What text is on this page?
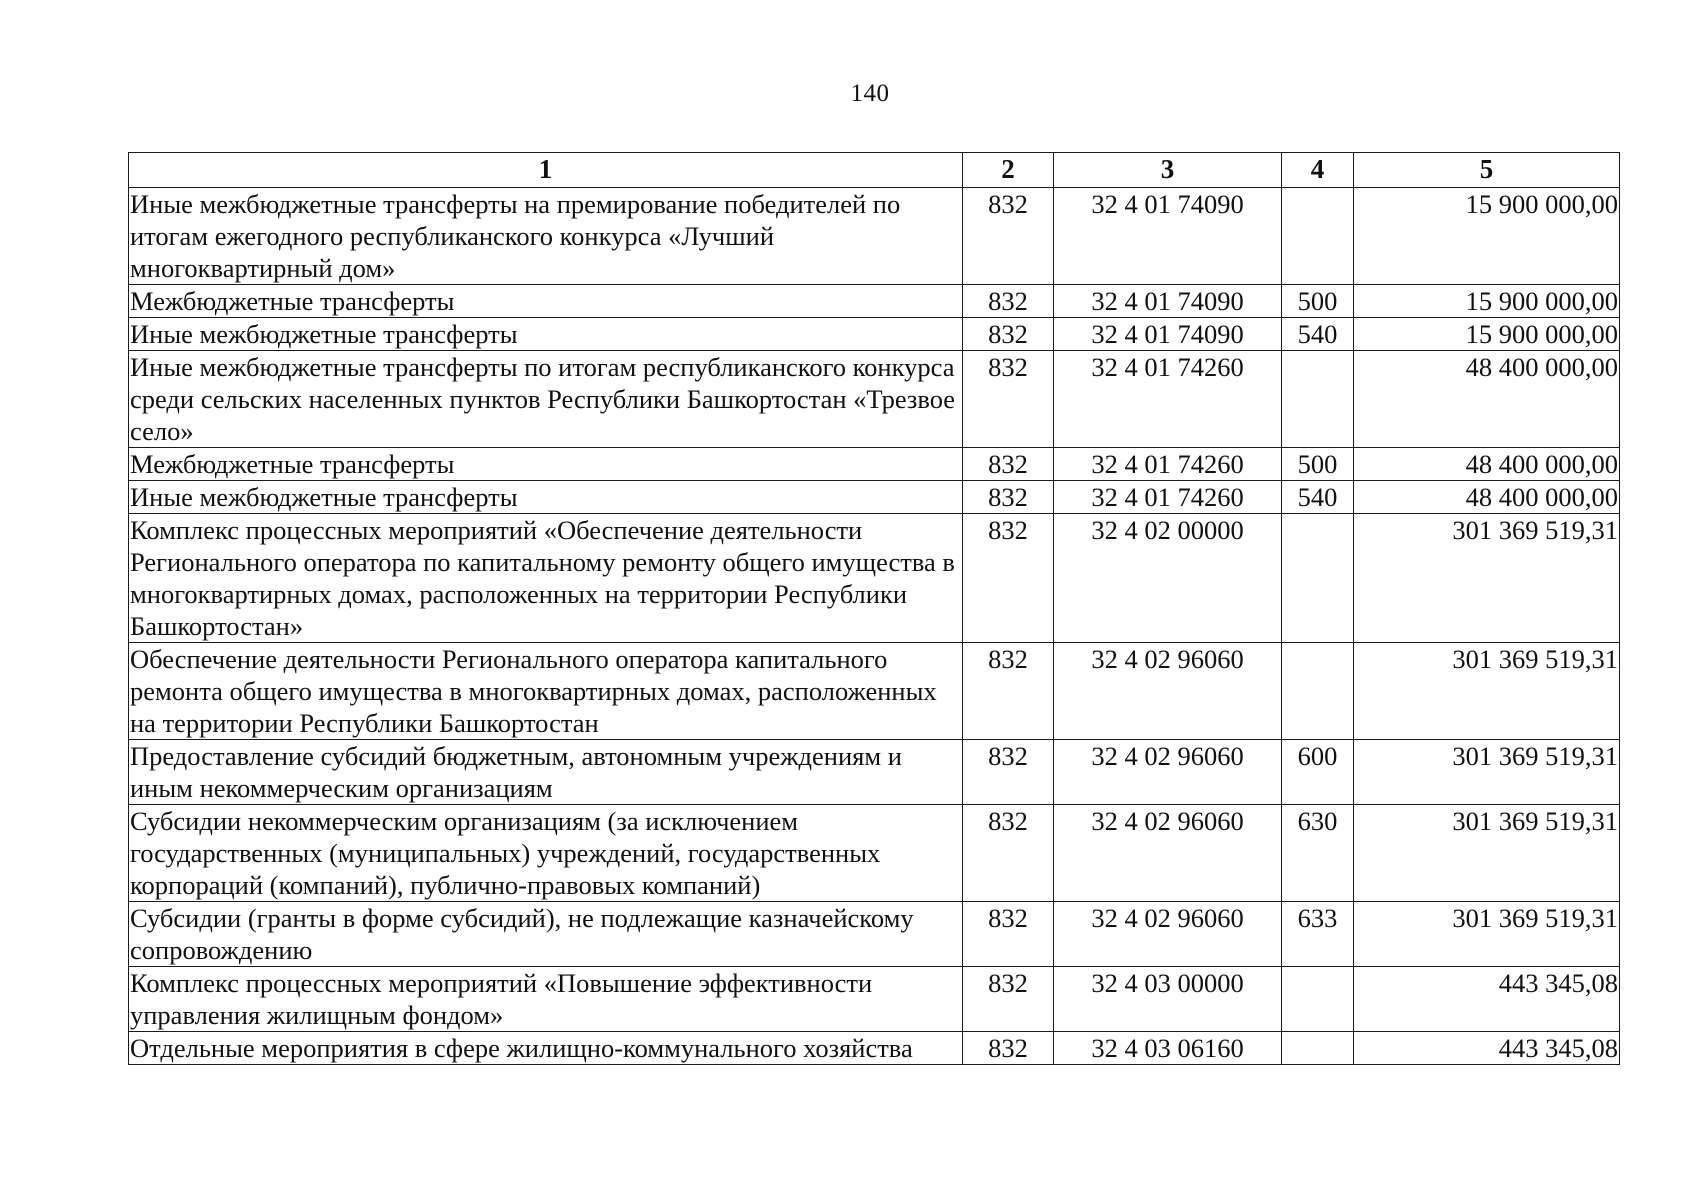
140
1	2	3	4	5
Иные межбюджетные трансферты на премирование победителей по итогам ежегодного республиканского конкурса «Лучший многоквартирный дом»	832	32 4 01 74090		15 900 000,00
Межбюджетные трансферты	832	32 4 01 74090	500	15 900 000,00
Иные межбюджетные трансферты	832	32 4 01 74090	540	15 900 000,00
Иные межбюджетные трансферты по итогам республиканского конкурса среди сельских населенных пунктов Республики Башкортостан «Трезвое село»	832	32 4 01 74260		48 400 000,00
Межбюджетные трансферты	832	32 4 01 74260	500	48 400 000,00
Иные межбюджетные трансферты	832	32 4 01 74260	540	48 400 000,00
Комплекс процессных мероприятий «Обеспечение деятельности Регионального оператора по капитальному ремонту общего имущества в многоквартирных домах, расположенных на территории Республики Башкортостан»	832	32 4 02 00000		301 369 519,31
Обеспечение деятельности Регионального оператора капитального ремонта общего имущества в многоквартирных домах, расположенных на территории Республики Башкортостан	832	32 4 02 96060		301 369 519,31
Предоставление субсидий бюджетным, автономным учреждениям и иным некоммерческим организациям	832	32 4 02 96060	600	301 369 519,31
Субсидии некоммерческим организациям (за исключением государственных (муниципальных) учреждений, государственных корпораций (компаний), публично-правовых компаний)	832	32 4 02 96060	630	301 369 519,31
Субсидии (гранты в форме субсидий), не подлежащие казначейскому сопровождению	832	32 4 02 96060	633	301 369 519,31
Комплекс процессных мероприятий «Повышение эффективности управления жилищным фондом»	832	32 4 03 00000		443 345,08
Отдельные мероприятия в сфере жилищно-коммунального хозяйства	832	32 4 03 06160		443 345,08
